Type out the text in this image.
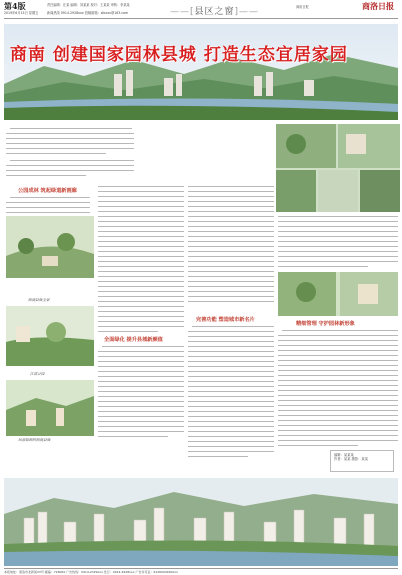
第4版
2019年6月15日 星期五
责任编辑：汪某 编辑：刘某某 校对：王某某 审核：李某某
新闻热线 0914-2928xxx 投稿邮箱：slbxxx@163.com	——[县区之窗]——	商洛日报	商洛日报
商南 创建国家园林县城 打造生态宜居家园
公园成林 筑起绿道新画廊
商南县城全景
江滨公园
风景如画的商南县城
全面绿化 提升县城新颜值
完善功能 塑造城市新名片
精细管理 守护园林新形象
编辑：某某某
作者：某某 摄影：某某
本报地址：商洛市北新街23号 邮编：726000 广告热线：0914-2329xxx 发行：0914-2928xxx 广告许可证：6126004000xxx
